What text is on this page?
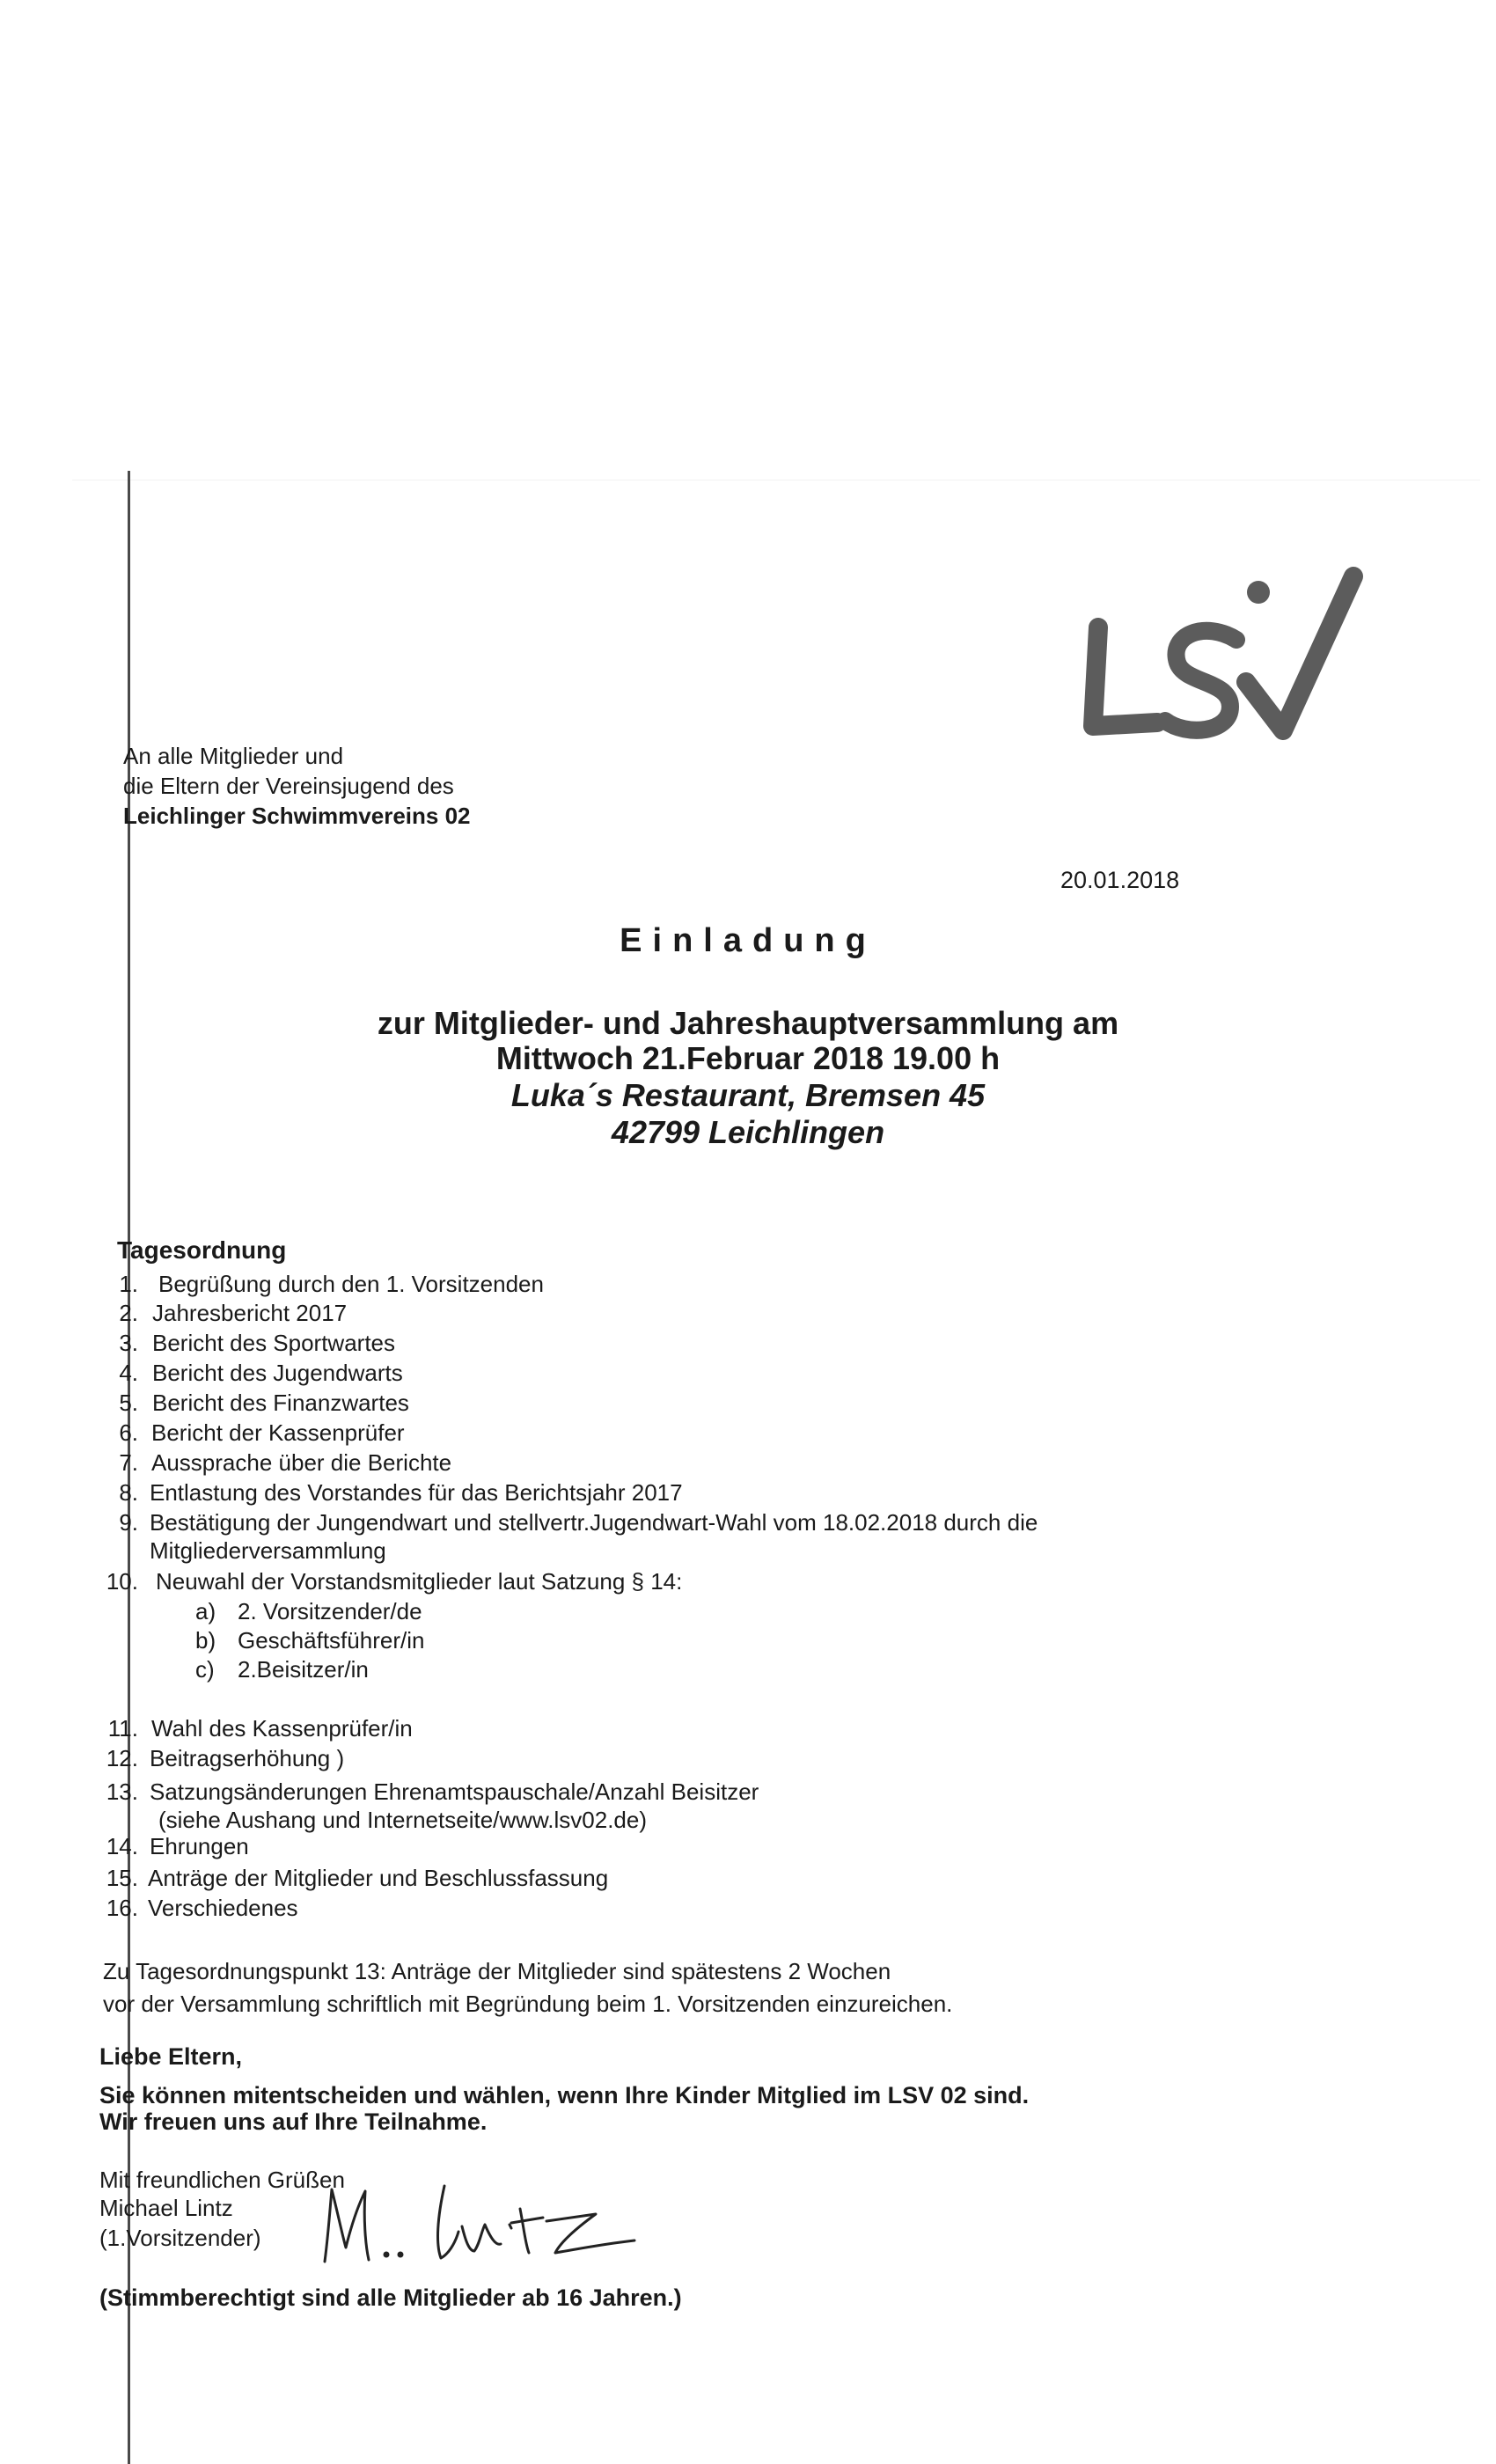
An alle Mitglieder und
die Eltern der Vereinsjugend des
Leichlinger Schwimmvereins 02
20.01.2018
Einladung
zur Mitglieder- und Jahreshauptversammlung am
Mittwoch 21.Februar 2018 19.00 h
Luka´s Restaurant, Bremsen 45
42799 Leichlingen
Tagesordnung
1. Begrüßung durch den 1. Vorsitzenden
2. Jahresbericht 2017
3. Bericht des Sportwartes
4. Bericht des Jugendwarts
5. Bericht des Finanzwartes
6. Bericht der Kassenprüfer
7. Aussprache über die Berichte
8. Entlastung des Vorstandes für das Berichtsjahr 2017
9. Bestätigung der Jungendwart und stellvertr.Jugendwart-Wahl vom 18.02.2018 durch die
Mitgliederversammlung
10. Neuwahl der Vorstandsmitglieder laut Satzung § 14:
a) 2. Vorsitzender/de
b) Geschäftsführer/in
c) 2.Beisitzer/in
11. Wahl des Kassenprüfer/in
12. Beitragserhöhung )
13. Satzungsänderungen Ehrenamtspauschale/Anzahl Beisitzer
(siehe Aushang und Internetseite/www.lsv02.de)
14. Ehrungen
15. Anträge der Mitglieder und Beschlussfassung
16. Verschiedenes
Zu Tagesordnungspunkt 13: Anträge der Mitglieder sind spätestens 2 Wochen
vor der Versammlung schriftlich mit Begründung beim 1. Vorsitzenden einzureichen.
Liebe Eltern,
Sie können mitentscheiden und wählen, wenn Ihre Kinder Mitglied im LSV 02 sind.
Wir freuen uns auf Ihre Teilnahme.
Mit freundlichen Grüßen
Michael Lintz
(1.Vorsitzender)
(Stimmberechtigt sind alle Mitglieder ab 16 Jahren.)
